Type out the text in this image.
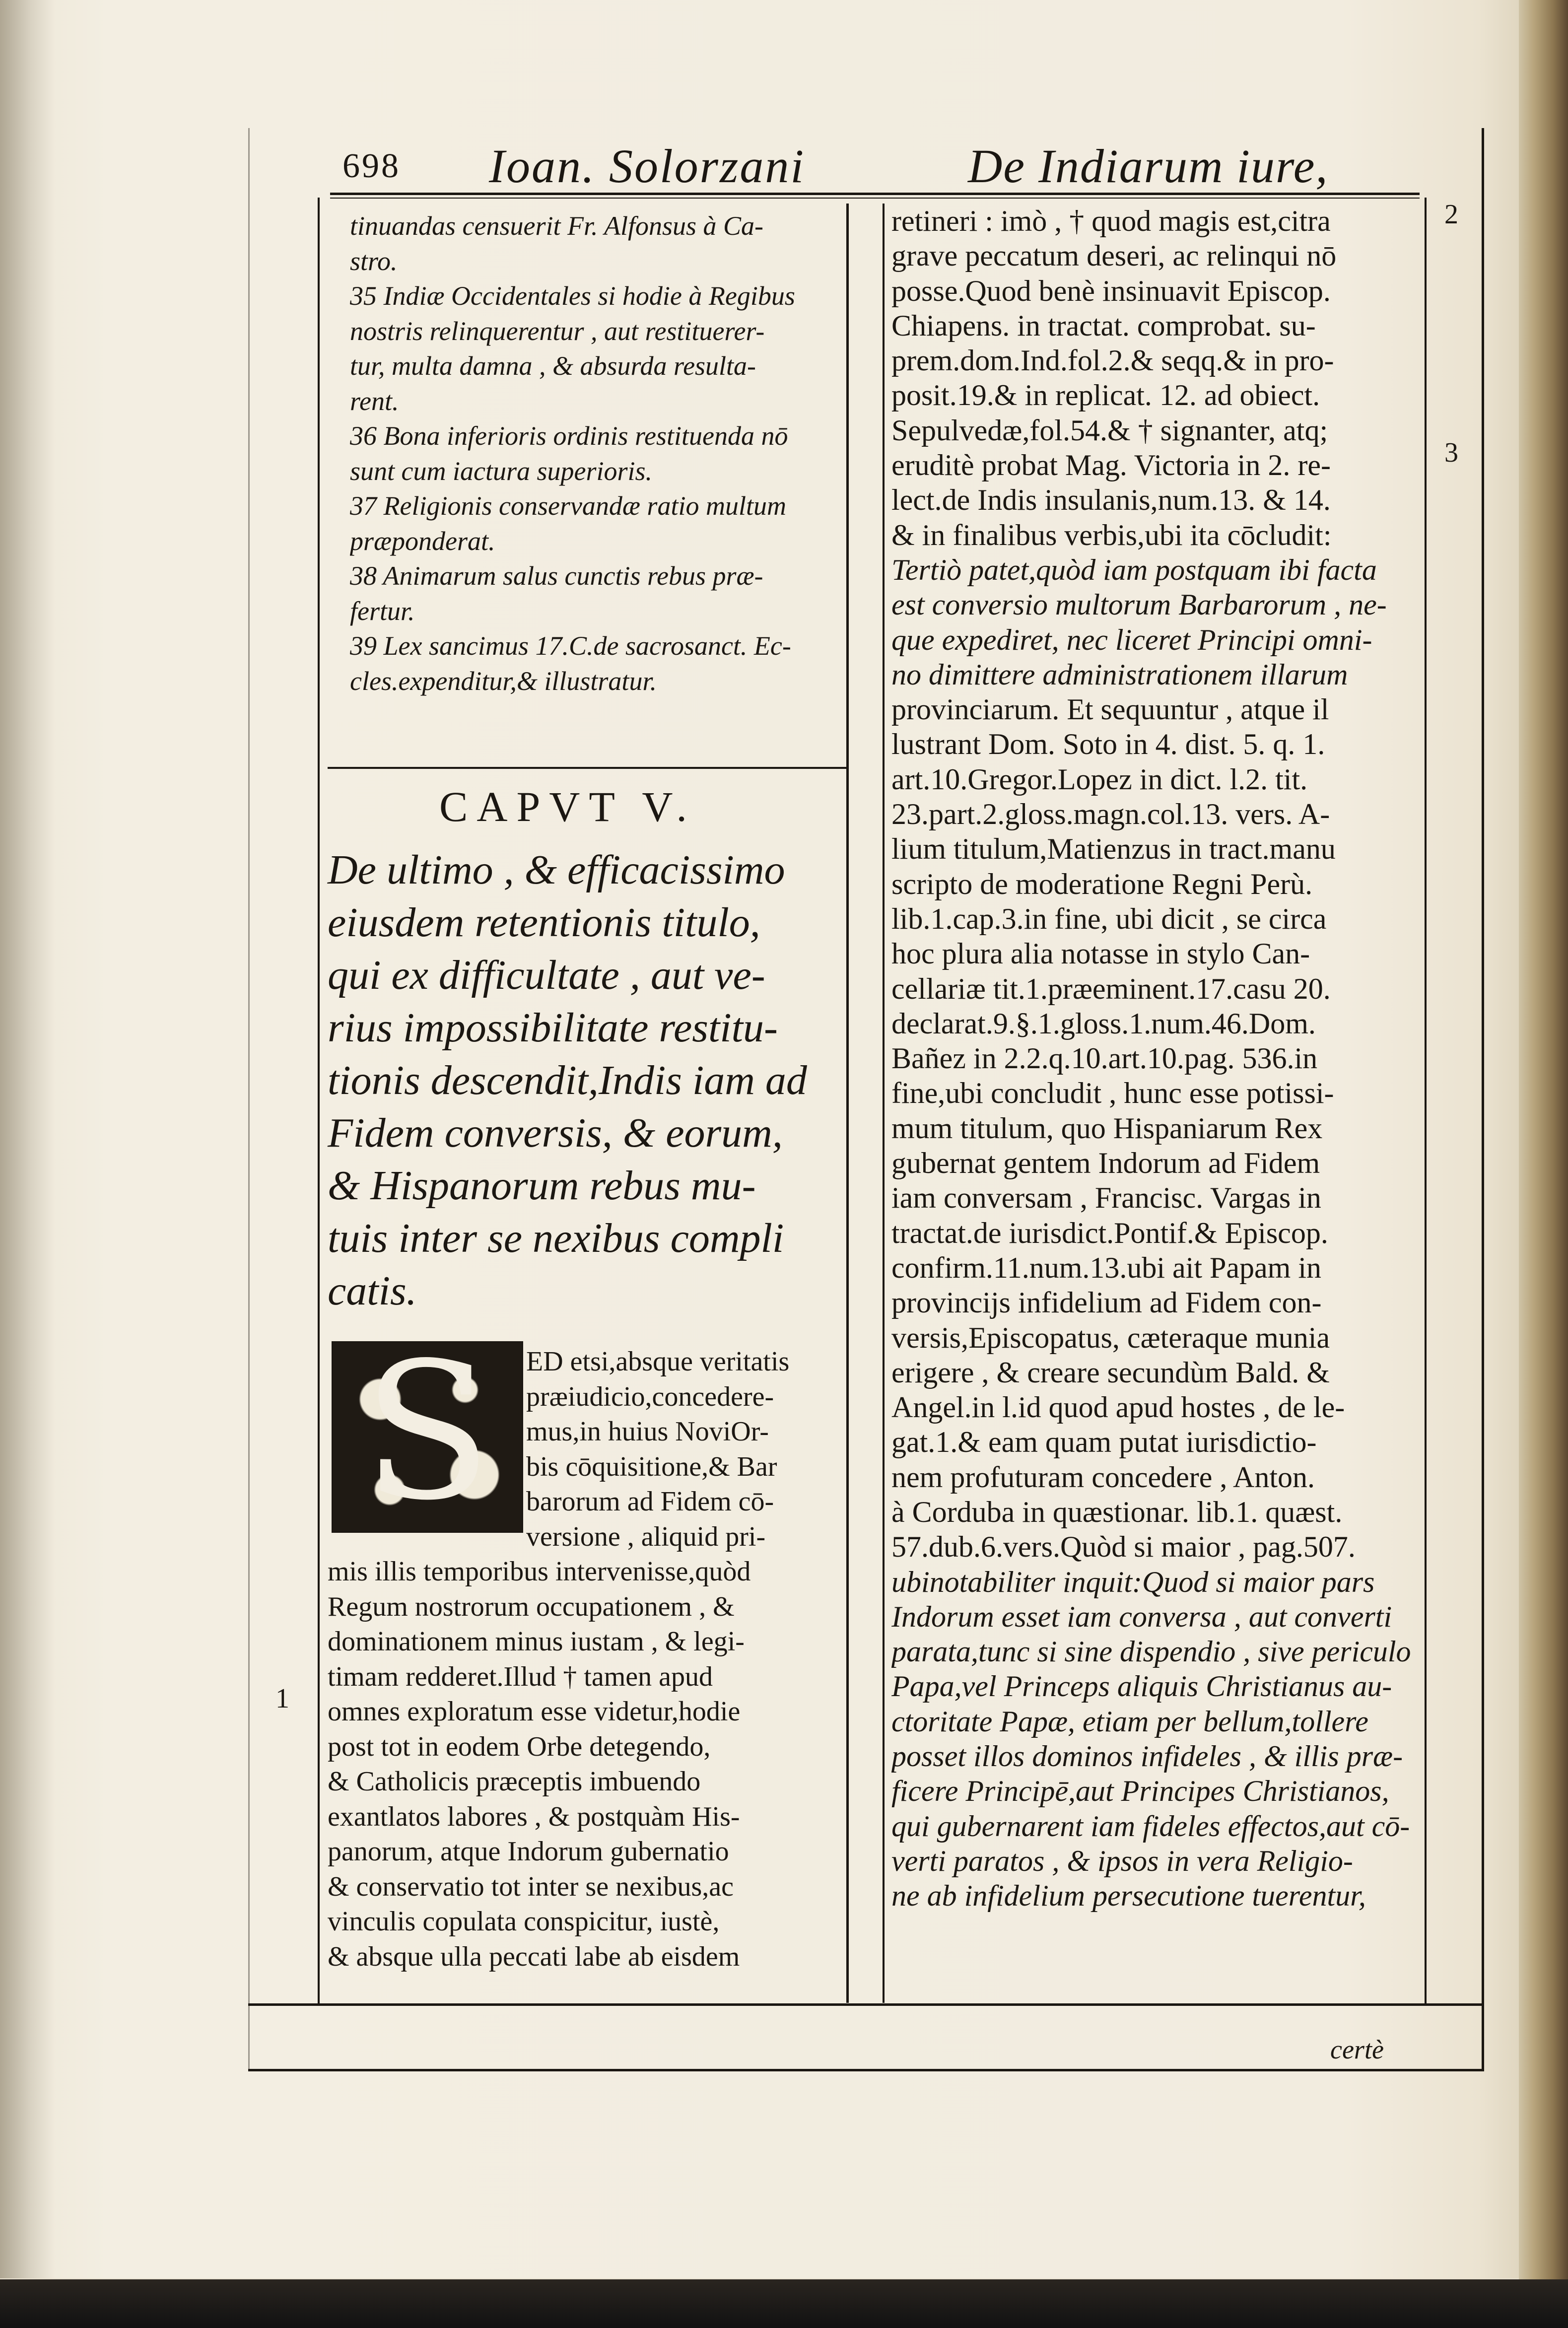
698 Ioan. Solorzani	De Indiarum iure,
tinuandas censuerit Fr. Alfonsus à Ca-
stro.
35 Indiæ Occidentales si hodie à Regibus
nostris relinquerentur , aut restituerer-
tur, multa damna , & absurda resulta-
rent.
36 Bona inferioris ordinis restituenda nō
sunt cum iactura superioris.
37 Religionis conservandæ ratio multum
præponderat.
38 Animarum salus cunctis rebus præ-
fertur.
39 Lex sancimus 17.C.de sacrosanct. Ec-
cles.expenditur,& illustratur.
CAPVT V.
De ultimo , & efficacissimo
eiusdem retentionis titulo,
qui ex difficultate , aut ve-
rius impossibilitate restitu-
tionis descendit,Indis iam ad
Fidem conversis, & eorum,
& Hispanorum rebus mu-
tuis inter se nexibus compli
catis.
S	ED etsi,absque veritatis
præiudicio,concedere-
mus,in huius NoviOr-
bis cōquisitione,& Bar
barorum ad Fidem cō-
versione , aliquid pri-
mis illis temporibus intervenisse,quòd
Regum nostrorum occupationem , &
dominationem minus iustam , & legi-
timam redderet.Illud † tamen apud
omnes exploratum esse videtur,hodie
post tot in eodem Orbe detegendo,
& Catholicis præceptis imbuendo
exantlatos labores , & postquàm His-
panorum, atque Indorum gubernatio
& conservatio tot inter se nexibus,ac
vinculis copulata conspicitur, iustè,
& absque ulla peccati labe ab eisdem
retineri : imò , † quod magis est,citra
grave peccatum deseri, ac relinqui nō
posse.Quod benè insinuavit Episcop.
Chiapens. in tractat. comprobat. su-
prem.dom.Ind.fol.2.& seqq.& in pro-
posit.19.& in replicat. 12. ad obiect.
Sepulvedæ,fol.54.& † signanter, atq;
eruditè probat Mag. Victoria in 2. re-
lect.de Indis insulanis,num.13. & 14.
& in finalibus verbis,ubi ita cōcludit:
Tertiò patet,quòd iam postquam ibi facta
est conversio multorum Barbarorum , ne-
que expediret, nec liceret Principi omni-
no dimittere administrationem illarum
provinciarum. Et sequuntur , atque il
lustrant Dom. Soto in 4. dist. 5. q. 1.
art.10.Gregor.Lopez in dict. l.2. tit.
23.part.2.gloss.magn.col.13. vers. A-
lium titulum,Matienzus in tract.manu
scripto de moderatione Regni Perù.
lib.1.cap.3.in fine, ubi dicit , se circa
hoc plura alia notasse in stylo Can-
cellariæ tit.1.præeminent.17.casu 20.
declarat.9.§.1.gloss.1.num.46.Dom.
Bañez in 2.2.q.10.art.10.pag. 536.in
fine,ubi concludit , hunc esse potissi-
mum titulum, quo Hispaniarum Rex
gubernat gentem Indorum ad Fidem
iam conversam , Francisc. Vargas in
tractat.de iurisdict.Pontif.& Episcop.
confirm.11.num.13.ubi ait Papam in
provincijs infidelium ad Fidem con-
versis,Episcopatus, cæteraque munia
erigere , & creare secundùm Bald. &
Angel.in l.id quod apud hostes , de le-
gat.1.& eam quam putat iurisdictio-
nem profuturam concedere , Anton.
à Corduba in quæstionar. lib.1. quæst.
57.dub.6.vers.Quòd si maior , pag.507.
ubinotabiliter inquit:Quod si maior pars
Indorum esset iam conversa , aut converti
parata,tunc si sine dispendio , sive periculo
Papa,vel Princeps aliquis Christianus au-
ctoritate Papæ, etiam per bellum,tollere
posset illos dominos infideles , & illis præ-
ficere Principē,aut Principes Christianos,
qui gubernarent iam fideles effectos,aut cō-
verti paratos , & ipsos in vera Religio-
ne ab infidelium persecutione tuerentur,
1
2
3
certè
